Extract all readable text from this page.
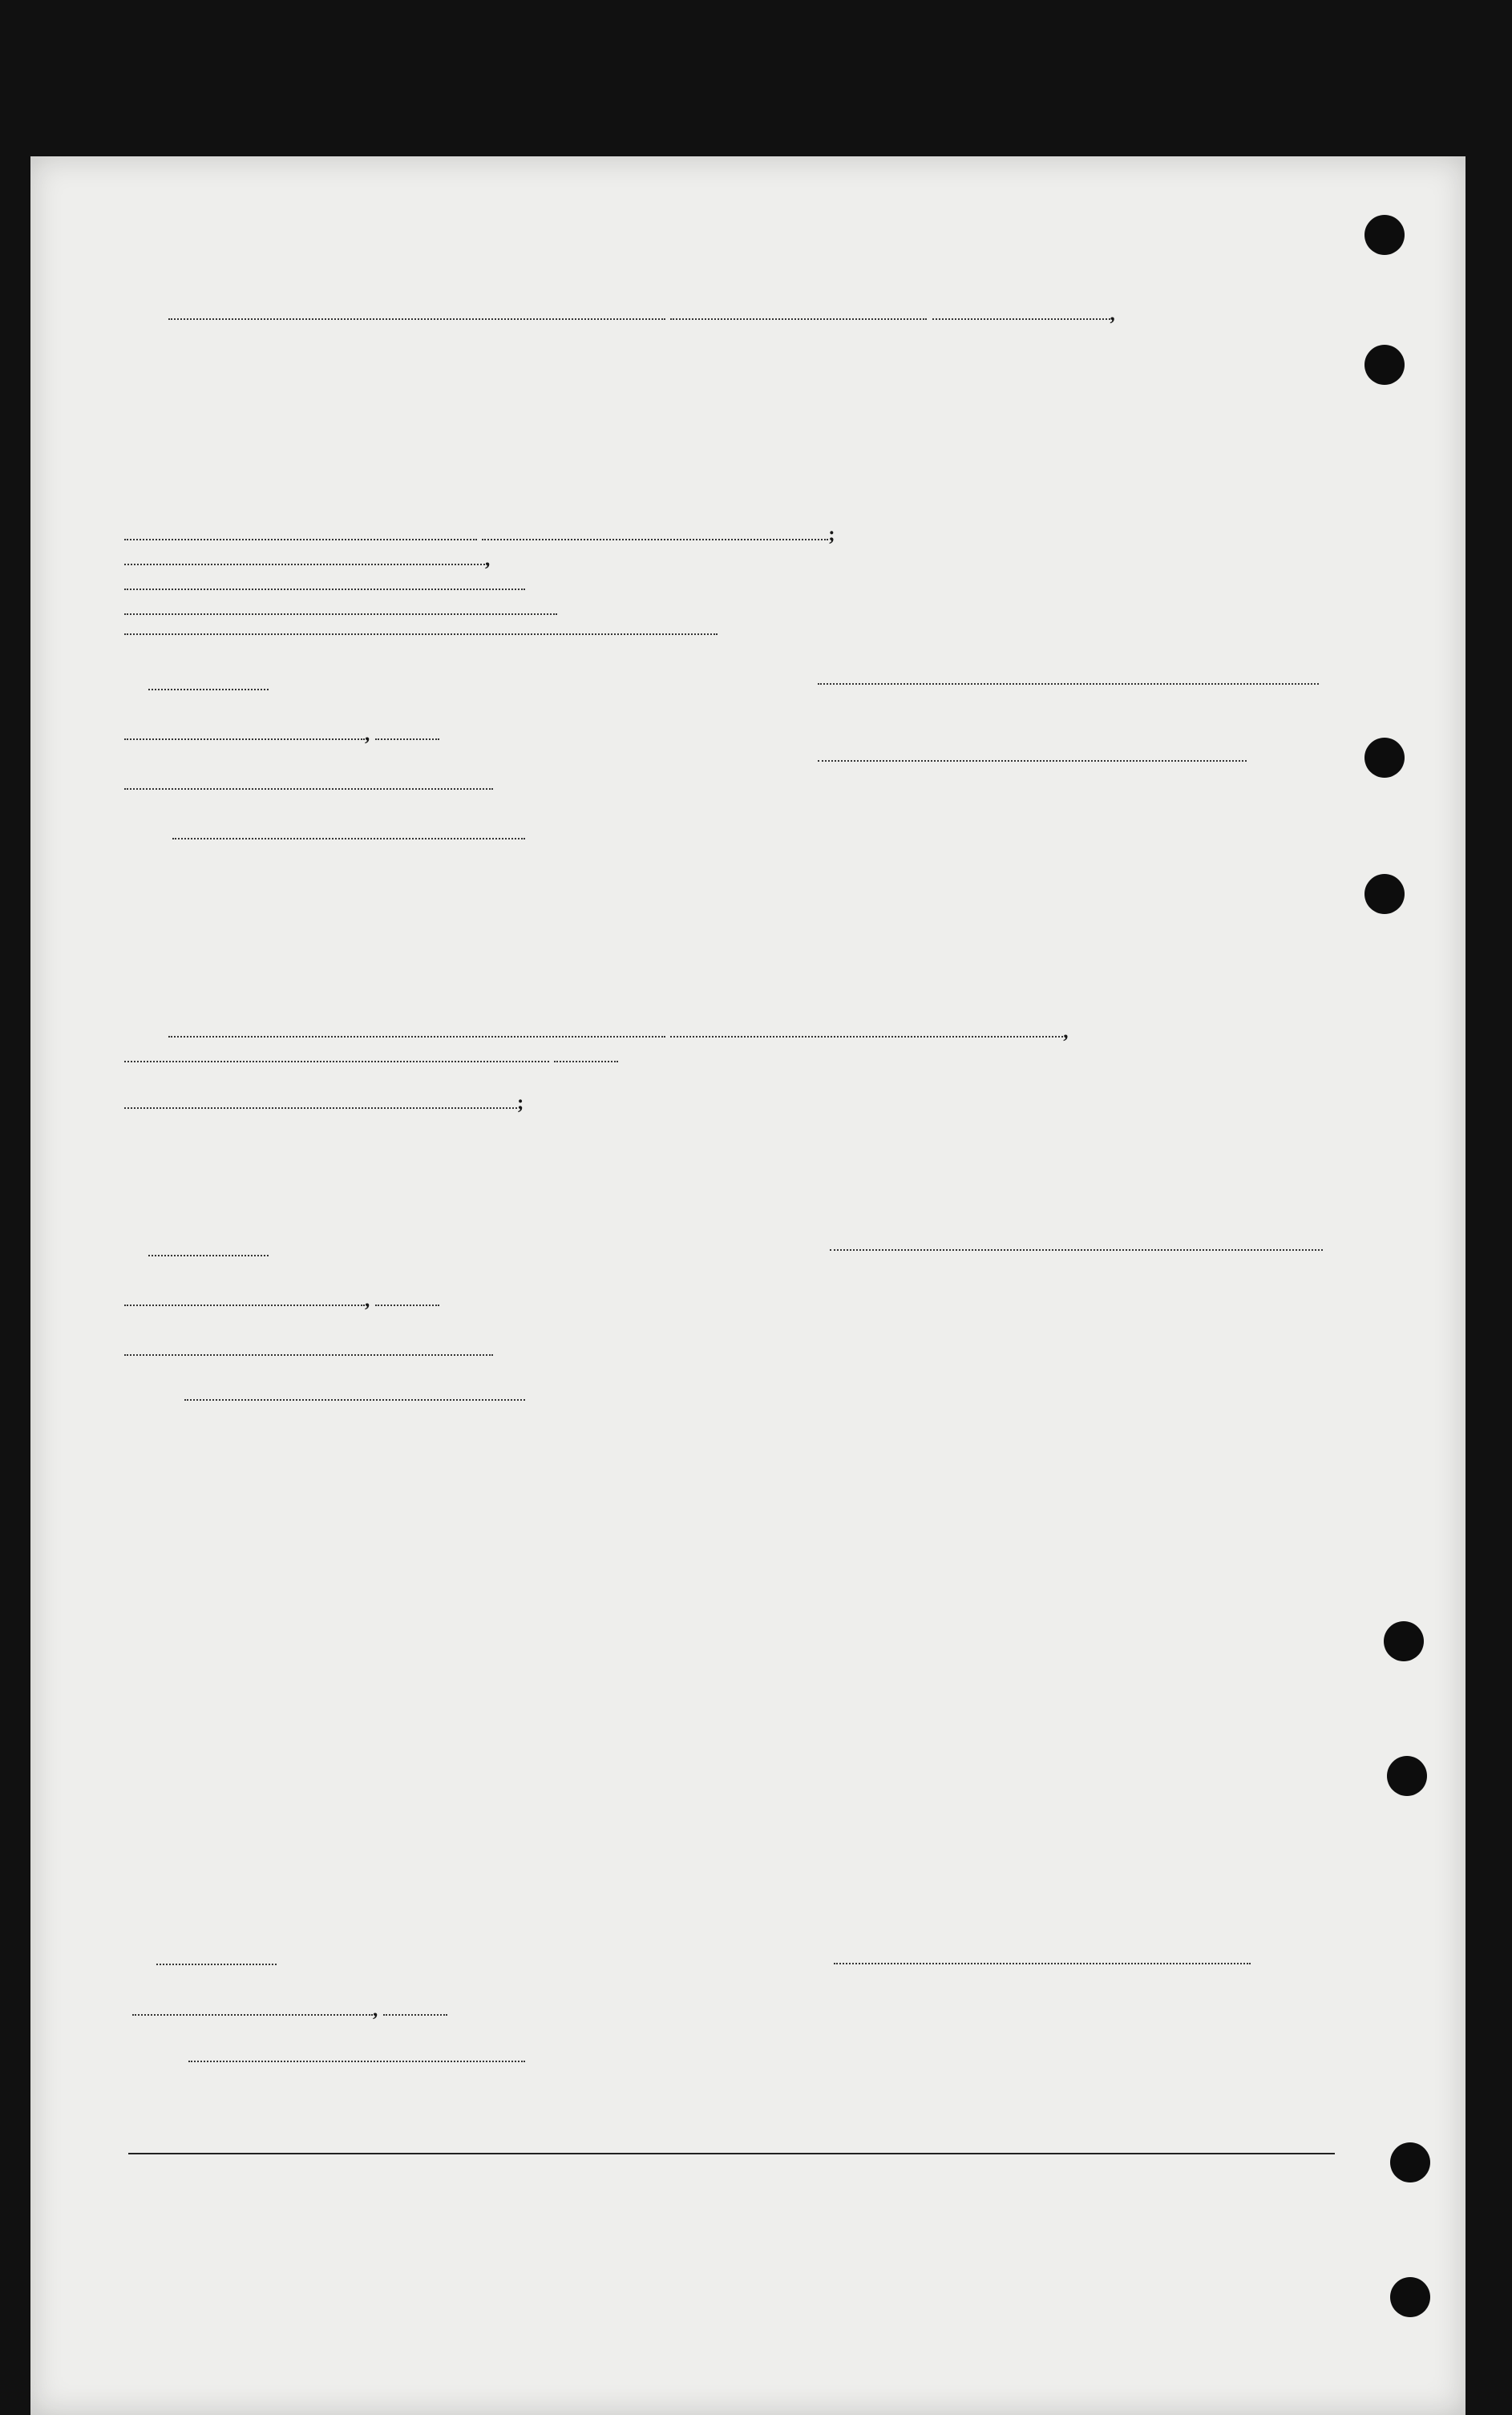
,

;
,
,
,

;

,

,
